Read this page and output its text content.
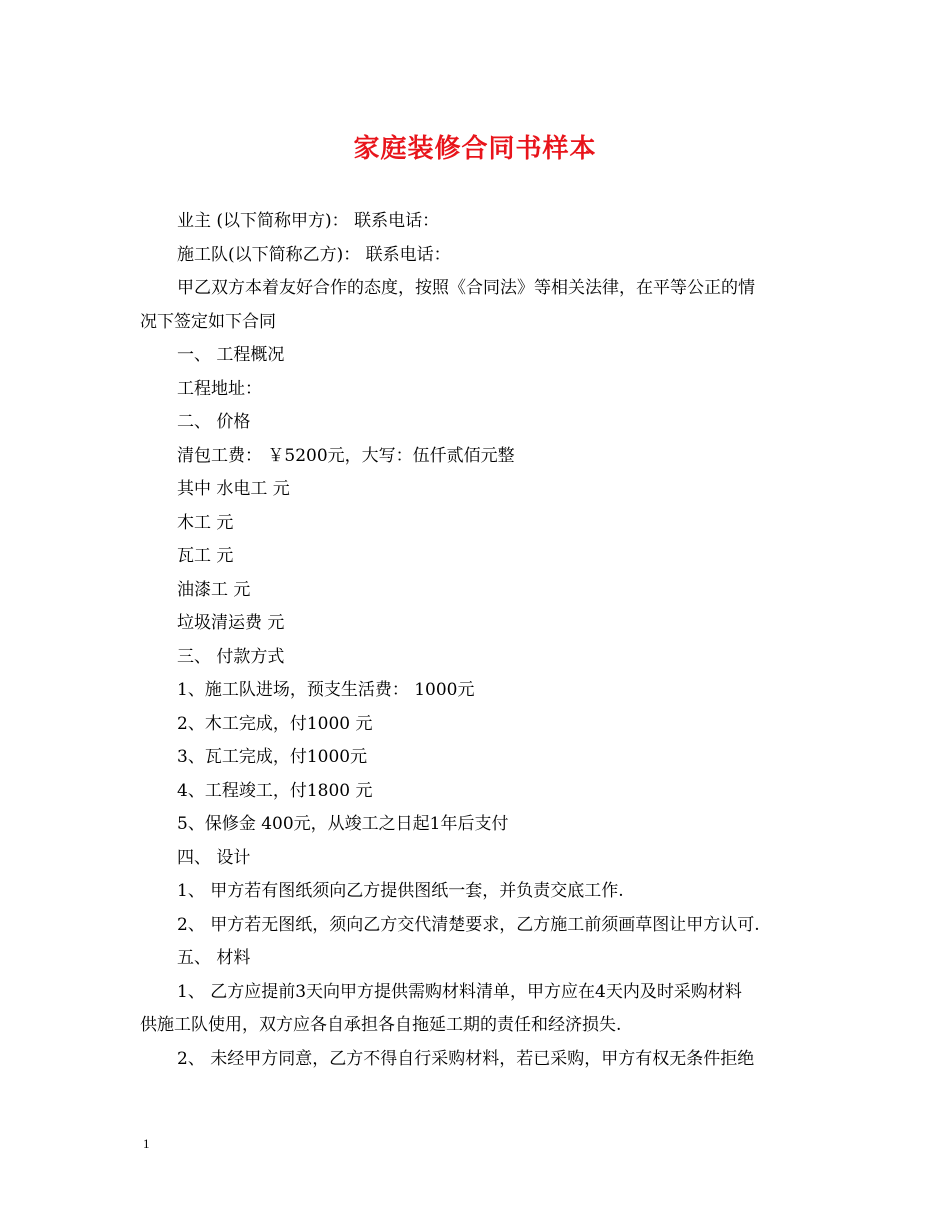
家庭装修合同书样本
业主 (以下简称甲方)： 联系电话：
施工队(以下简称乙方)： 联系电话：
甲乙双方本着友好合作的态度，按照《合同法》等相关法律，在平等公正的情
况下签定如下合同
一、 工程概况
工程地址：
二、 价格
清包工费： ￥5200元，大写：伍仟贰佰元整
其中 水电工 元
木工 元
瓦工 元
油漆工 元
垃圾清运费 元
三、 付款方式
1、施工队进场，预支生活费： 1000元
2、木工完成，付1000 元
3、瓦工完成，付1000元
4、工程竣工，付1800 元
5、保修金 400元，从竣工之日起1年后支付
四、 设计
1、 甲方若有图纸须向乙方提供图纸一套，并负责交底工作.
2、 甲方若无图纸，须向乙方交代清楚要求，乙方施工前须画草图让甲方认可.
五、 材料
1、 乙方应提前3天向甲方提供需购材料清单，甲方应在4天内及时采购材料
供施工队使用，双方应各自承担各自拖延工期的责任和经济损失.
2、 未经甲方同意，乙方不得自行采购材料，若已采购，甲方有权无条件拒绝
1
